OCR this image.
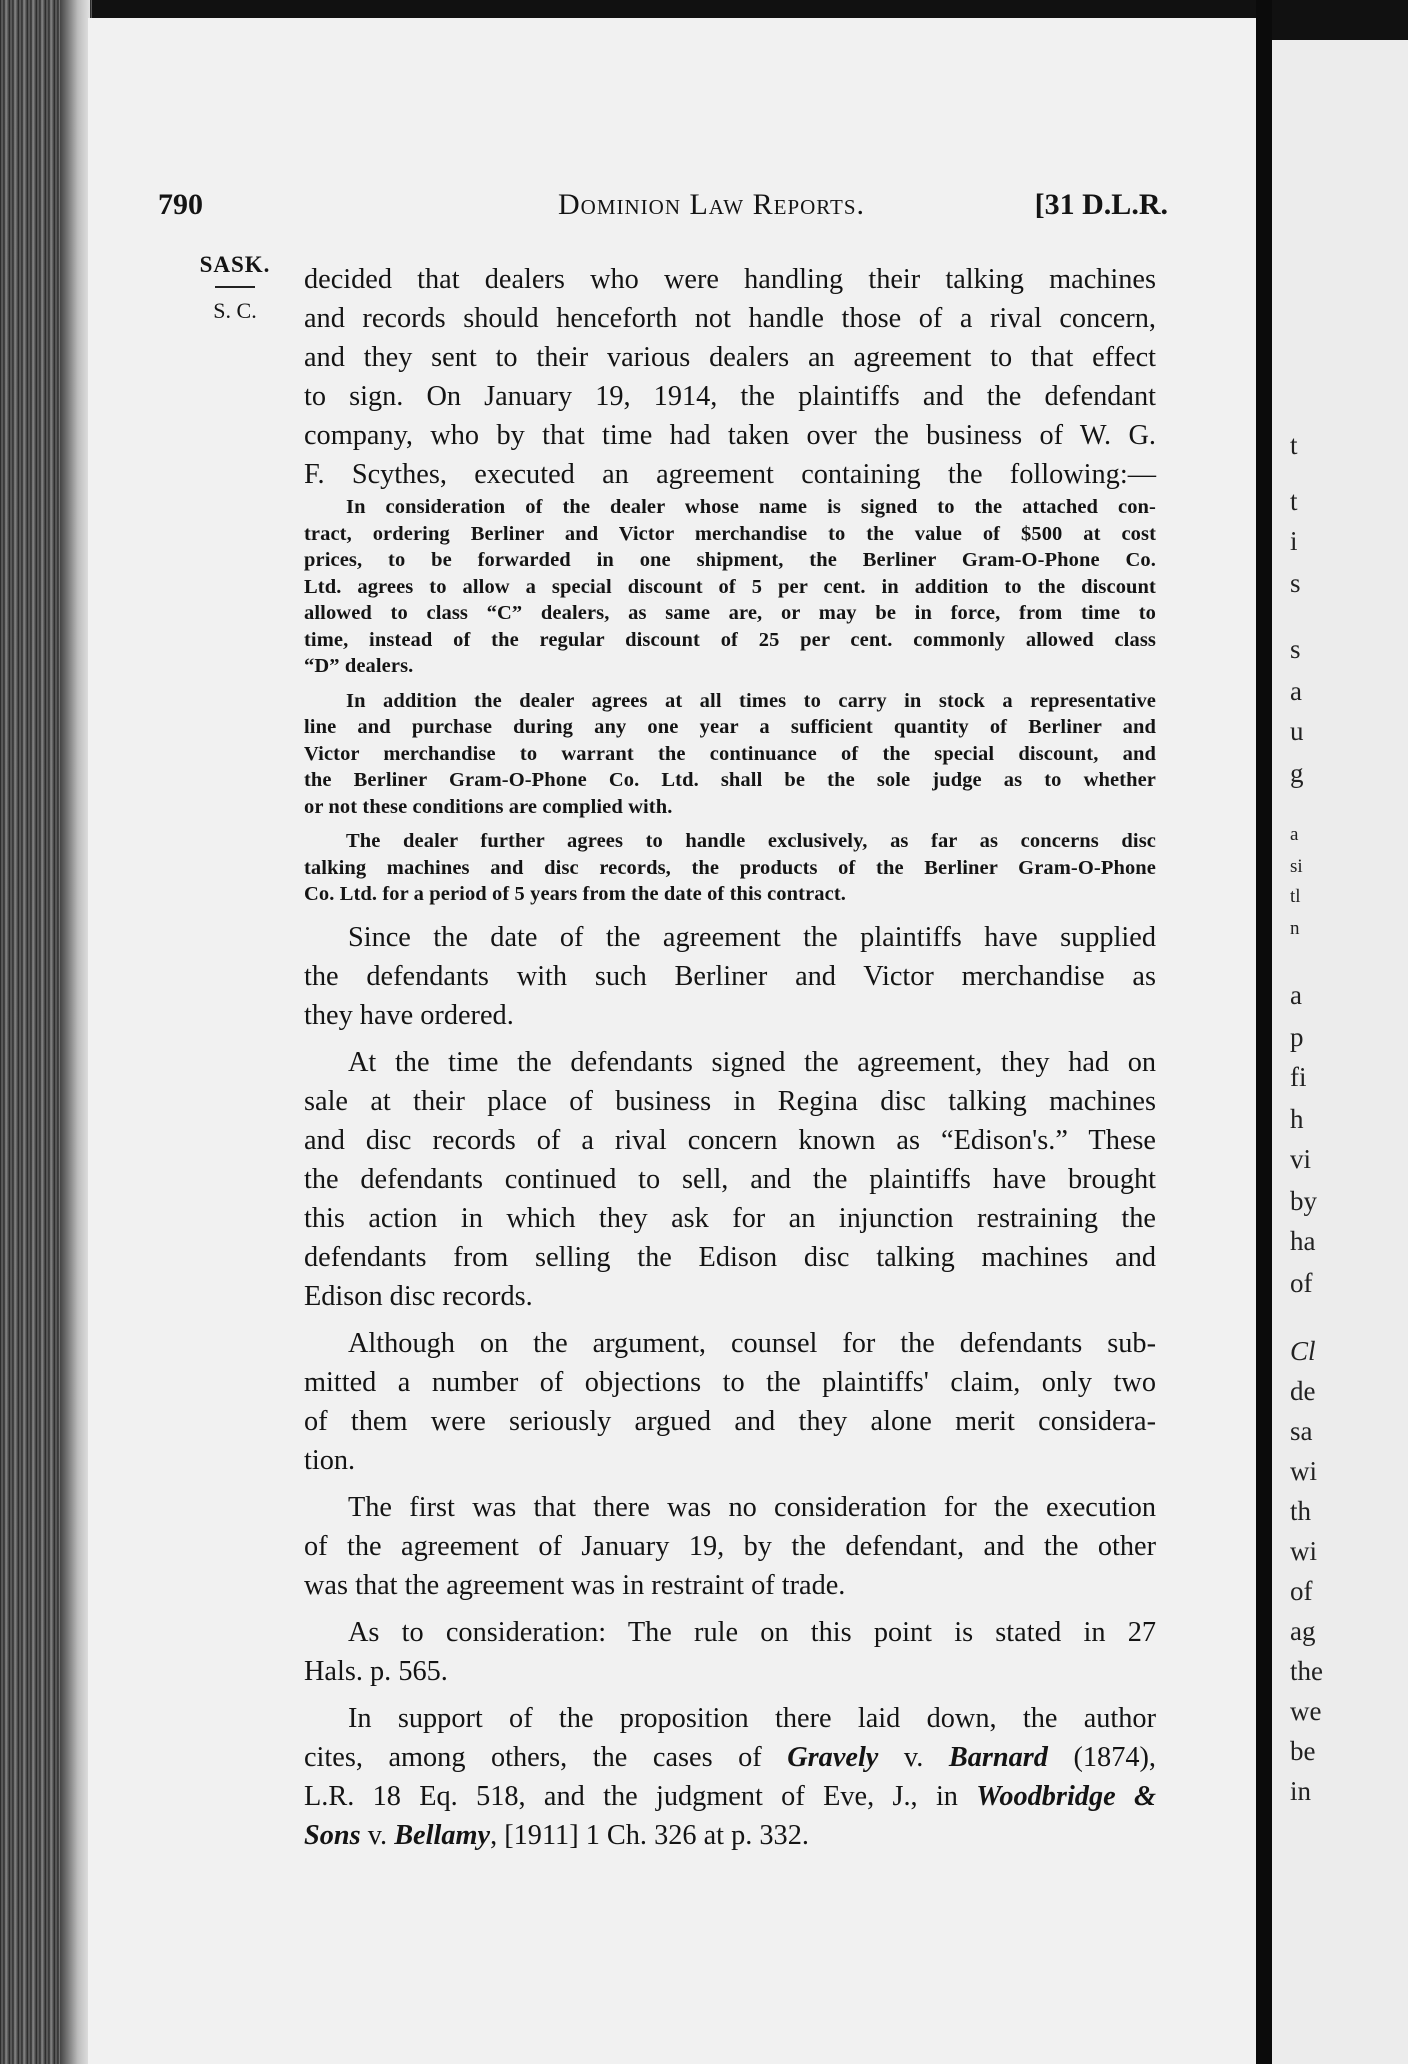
t
t
i
s
s
a
u
g
a
si
tl
n
a
p
fi
h
vi
by
ha
of
Cl
de
sa
wi
th
wi
of
ag
the
we
be
in
790	Dominion Law Reports.	[31 D.L.R.
SASK.
S. C.
decided that dealers who were handling their talking machines
and records should henceforth not handle those of a rival concern,
and they sent to their various dealers an agreement to that effect
to sign. On January 19, 1914, the plaintiffs and the defendant
company, who by that time had taken over the business of W. G.
F. Scythes, executed an agreement containing the following:—
In consideration of the dealer whose name is signed to the attached con-
tract, ordering Berliner and Victor merchandise to the value of $500 at cost
prices, to be forwarded in one shipment, the Berliner Gram-O-Phone Co.
Ltd. agrees to allow a special discount of 5 per cent. in addition to the discount
allowed to class “C” dealers, as same are, or may be in force, from time to
time, instead of the regular discount of 25 per cent. commonly allowed class
“D” dealers.
In addition the dealer agrees at all times to carry in stock a representative
line and purchase during any one year a sufficient quantity of Berliner and
Victor merchandise to warrant the continuance of the special discount, and
the Berliner Gram-O-Phone Co. Ltd. shall be the sole judge as to whether
or not these conditions are complied with.
The dealer further agrees to handle exclusively, as far as concerns disc
talking machines and disc records, the products of the Berliner Gram-O-Phone
Co. Ltd. for a period of 5 years from the date of this contract.
Since the date of the agreement the plaintiffs have supplied
the defendants with such Berliner and Victor merchandise as
they have ordered.
At the time the defendants signed the agreement, they had on
sale at their place of business in Regina disc talking machines
and disc records of a rival concern known as “Edison's.” These
the defendants continued to sell, and the plaintiffs have brought
this action in which they ask for an injunction restraining the
defendants from selling the Edison disc talking machines and
Edison disc records.
Although on the argument, counsel for the defendants sub-
mitted a number of objections to the plaintiffs' claim, only two
of them were seriously argued and they alone merit considera-
tion.
The first was that there was no consideration for the execution
of the agreement of January 19, by the defendant, and the other
was that the agreement was in restraint of trade.
As to consideration: The rule on this point is stated in 27
Hals. p. 565.
In support of the proposition there laid down, the author
cites, among others, the cases of Gravely v. Barnard (1874),
L.R. 18 Eq. 518, and the judgment of Eve, J., in Woodbridge &
Sons v. Bellamy, [1911] 1 Ch. 326 at p. 332.
